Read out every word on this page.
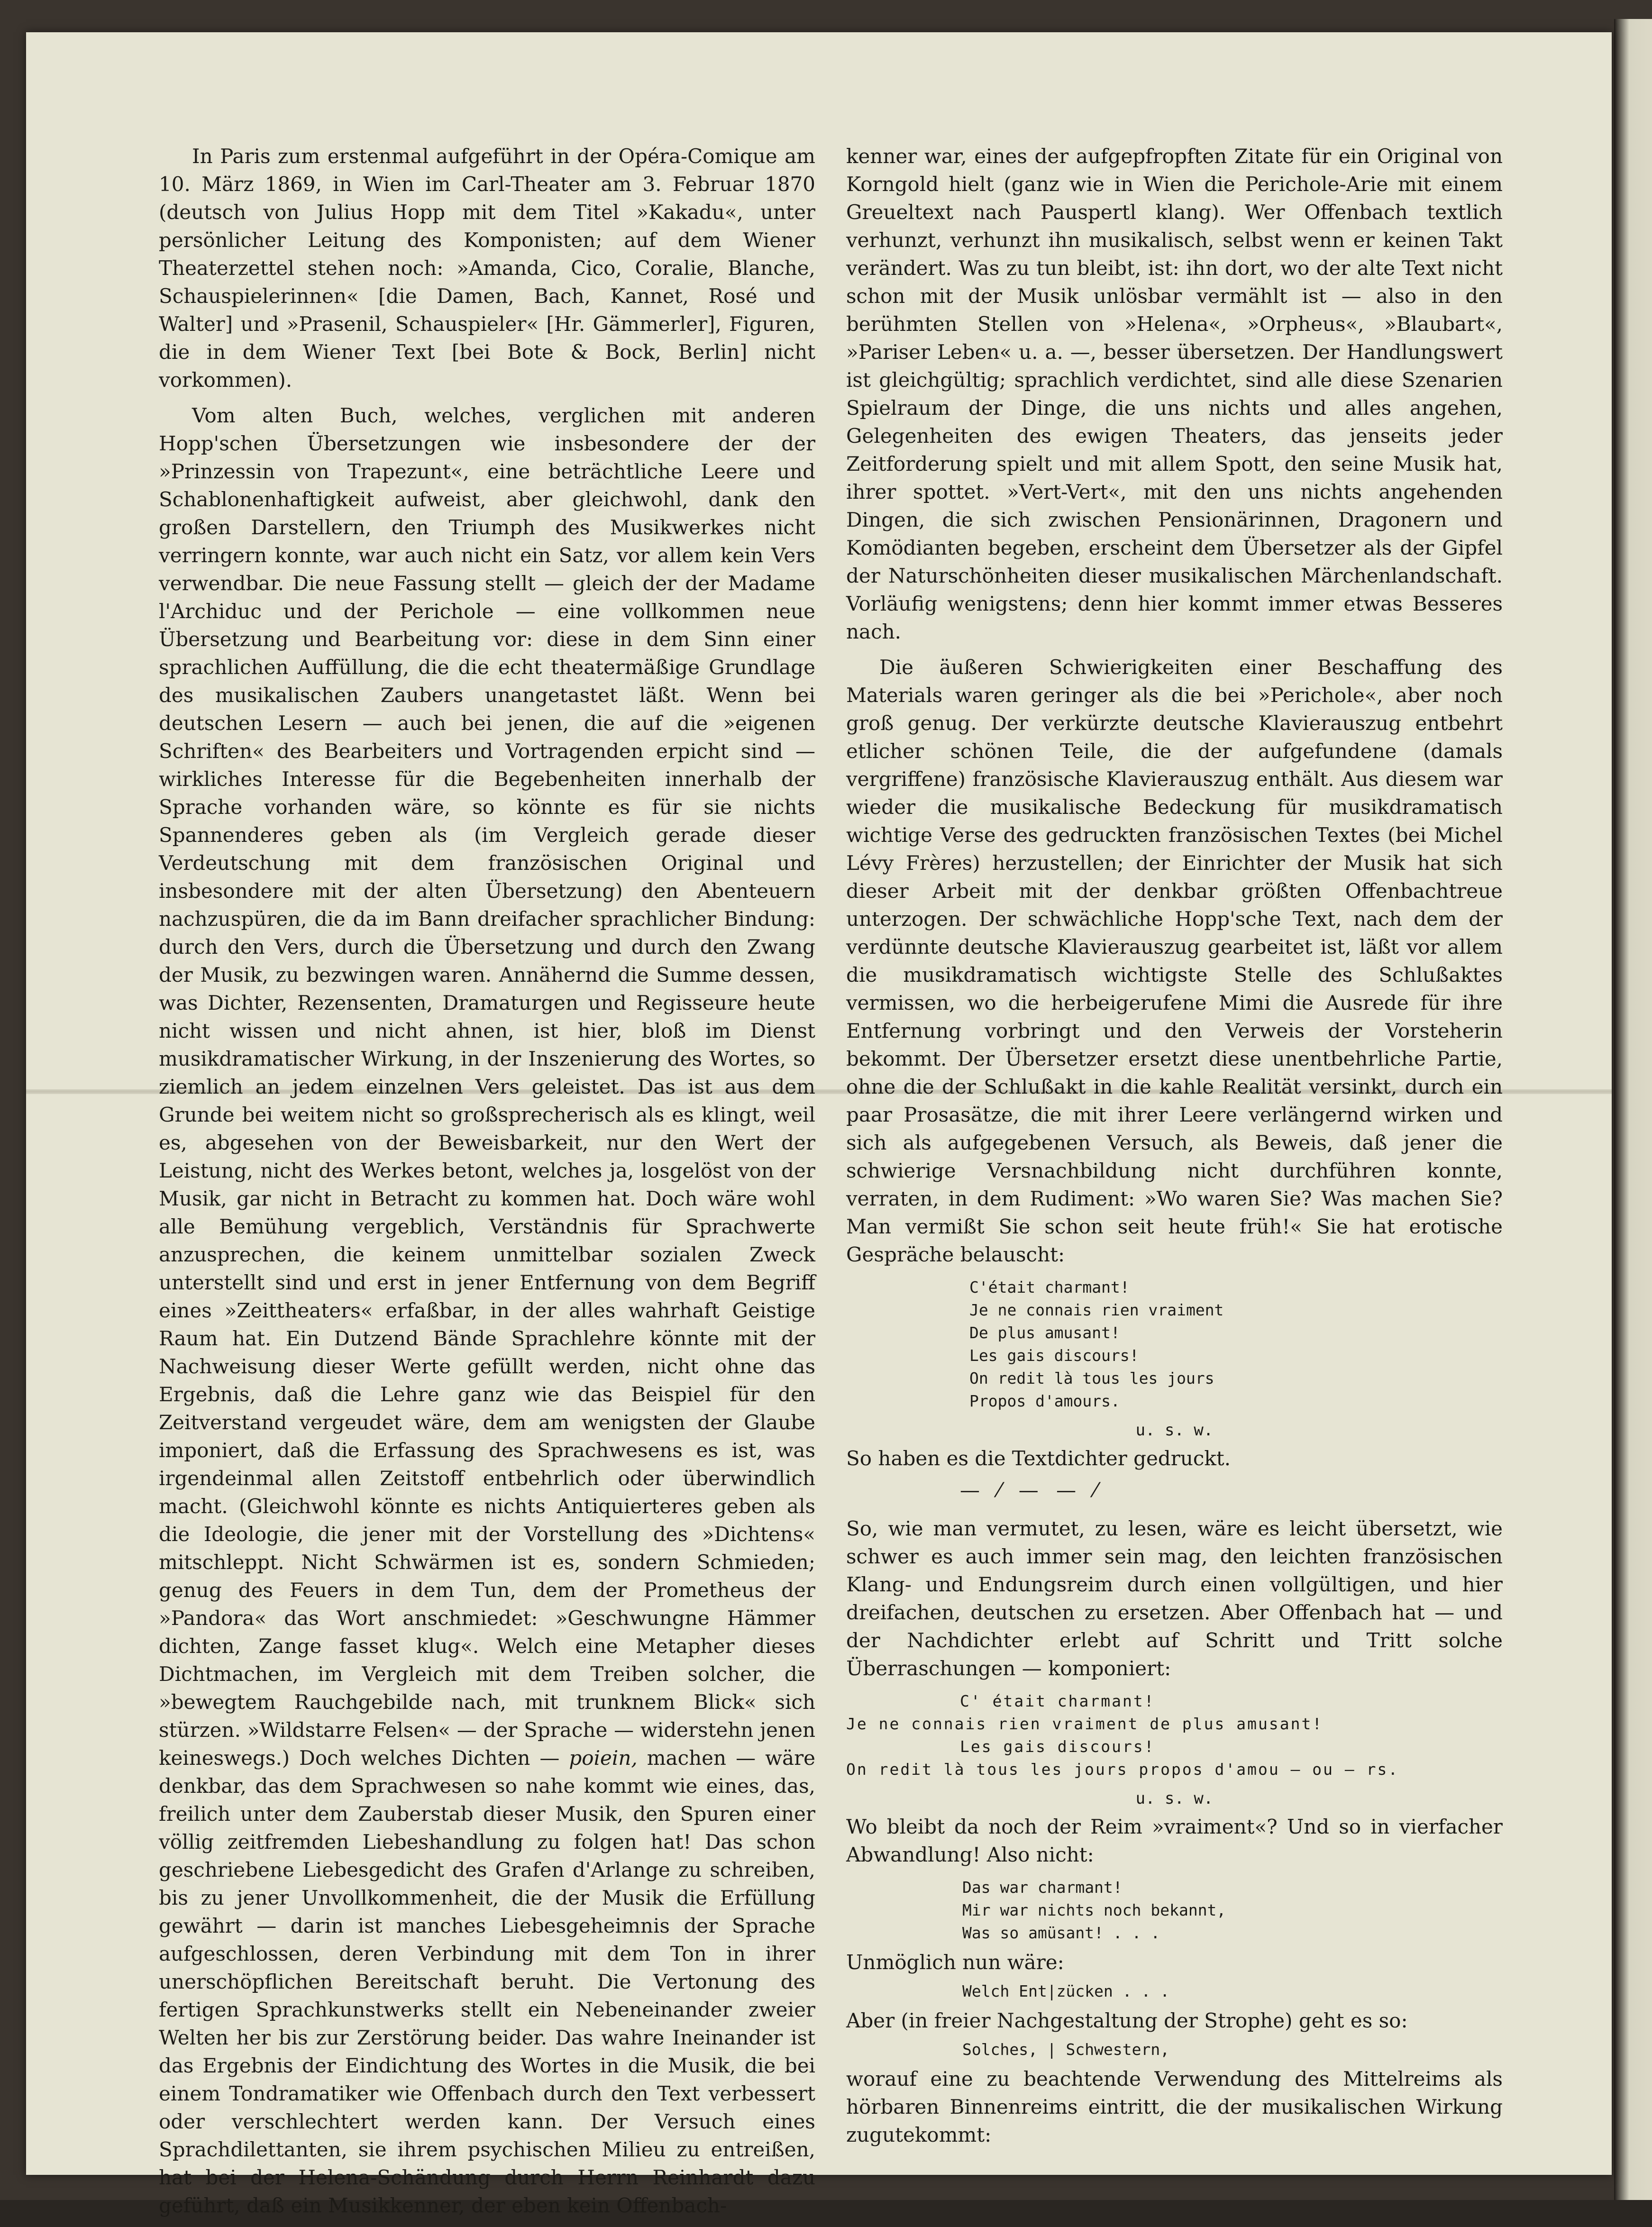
In Paris zum erstenmal aufgeführt in der Opéra-Comique am 10. März 1869, in Wien im Carl-Theater am 3. Februar 1870 (deutsch von Julius Hopp mit dem Titel »Kakadu«, unter persönlicher Leitung des Komponisten; auf dem Wiener Theaterzettel stehen noch: »Amanda, Cico, Coralie, Blanche, Schauspielerinnen« [die Damen, Bach, Kannet, Rosé und Walter] und »Prasenil, Schauspieler« [Hr. Gämmerler], Figuren, die in dem Wiener Text [bei Bote & Bock, Berlin] nicht vorkommen).

Vom alten Buch, welches, verglichen mit anderen Hopp'schen Übersetzungen wie insbesondere der der »Prinzessin von Trapezunt«, eine beträchtliche Leere und Schablonenhaftigkeit aufweist, aber gleichwohl, dank den großen Darstellern, den Triumph des Musikwerkes nicht verringern konnte, war auch nicht ein Satz, vor allem kein Vers verwendbar. Die neue Fassung stellt — gleich der der Madame l'Archiduc und der Perichole — eine vollkommen neue Übersetzung und Bearbeitung vor: diese in dem Sinn einer sprachlichen Auffüllung, die die echt theatermäßige Grundlage des musikalischen Zaubers unangetastet läßt. Wenn bei deutschen Lesern — auch bei jenen, die auf die »eigenen Schriften« des Bearbeiters und Vortragenden erpicht sind — wirkliches Interesse für die Begebenheiten innerhalb der Sprache vorhanden wäre, so könnte es für sie nichts Spannenderes geben als (im Vergleich gerade dieser Verdeutschung mit dem französischen Original und insbesondere mit der alten Übersetzung) den Abenteuern nachzuspüren, die da im Bann dreifacher sprachlicher Bindung: durch den Vers, durch die Übersetzung und durch den Zwang der Musik, zu bezwingen waren. Annähernd die Summe dessen, was Dichter, Rezensenten, Dramaturgen und Regisseure heute nicht wissen und nicht ahnen, ist hier, bloß im Dienst musikdramatischer Wirkung, in der Inszenierung des Wortes, so ziemlich an jedem einzelnen Vers geleistet. Das ist aus dem Grunde bei weitem nicht so großsprecherisch als es klingt, weil es, abgesehen von der Beweisbarkeit, nur den Wert der Leistung, nicht des Werkes betont, welches ja, losgelöst von der Musik, gar nicht in Betracht zu kommen hat. Doch wäre wohl alle Bemühung vergeblich, Verständnis für Sprachwerte anzusprechen, die keinem unmittelbar sozialen Zweck unterstellt sind und erst in jener Entfernung von dem Begriff eines »Zeittheaters« erfaßbar, in der alles wahrhaft Geistige Raum hat. Ein Dutzend Bände Sprachlehre könnte mit der Nachweisung dieser Werte gefüllt werden, nicht ohne das Ergebnis, daß die Lehre ganz wie das Beispiel für den Zeitverstand vergeudet wäre, dem am wenigsten der Glaube imponiert, daß die Erfassung des Sprachwesens es ist, was irgendeinmal allen Zeitstoff entbehrlich oder überwindlich macht. (Gleichwohl könnte es nichts Antiquierteres geben als die Ideologie, die jener mit der Vorstellung des »Dichtens« mitschleppt. Nicht Schwärmen ist es, sondern Schmieden; genug des Feuers in dem Tun, dem der Prometheus der »Pandora« das Wort anschmiedet: »Geschwungne Hämmer dichten, Zange fasset klug«. Welch eine Metapher dieses Dichtmachen, im Vergleich mit dem Treiben solcher, die »bewegtem Rauchgebilde nach, mit trunknem Blick« sich stürzen. »Wildstarre Felsen« — der Sprache — widerstehn jenen keineswegs.) Doch welches Dichten — poiein, machen — wäre denkbar, das dem Sprachwesen so nahe kommt wie eines, das, freilich unter dem Zauberstab dieser Musik, den Spuren einer völlig zeitfremden Liebeshandlung zu folgen hat! Das schon geschriebene Liebesgedicht des Grafen d'Arlange zu schreiben, bis zu jener Unvollkommenheit, die der Musik die Erfüllung gewährt — darin ist manches Liebesgeheimnis der Sprache aufgeschlossen, deren Verbindung mit dem Ton in ihrer unerschöpflichen Bereitschaft beruht. Die Vertonung des fertigen Sprachkunstwerks stellt ein Nebeneinander zweier Welten her bis zur Zerstörung beider. Das wahre Ineinander ist das Ergebnis der Eindichtung des Wortes in die Musik, die bei einem Tondramatiker wie Offenbach durch den Text verbessert oder verschlechtert werden kann. Der Versuch eines Sprachdilettanten, sie ihrem psychischen Milieu zu entreißen, hat bei der Helena-Schändung durch Herrn Reinhardt dazu geführt, daß ein Musikkenner, der eben kein Offenbach-

kenner war, eines der aufgepfropften Zitate für ein Original von Korngold hielt (ganz wie in Wien die Perichole-Arie mit einem Greueltext nach Pauspertl klang). Wer Offenbach textlich verhunzt, verhunzt ihn musikalisch, selbst wenn er keinen Takt verändert. Was zu tun bleibt, ist: ihn dort, wo der alte Text nicht schon mit der Musik unlösbar vermählt ist — also in den berühmten Stellen von »Helena«, »Orpheus«, »Blaubart«, »Pariser Leben« u. a. —, besser übersetzen. Der Handlungswert ist gleichgültig; sprachlich verdichtet, sind alle diese Szenarien Spielraum der Dinge, die uns nichts und alles angehen, Gelegenheiten des ewigen Theaters, das jenseits jeder Zeitforderung spielt und mit allem Spott, den seine Musik hat, ihrer spottet. »Vert-Vert«, mit den uns nichts angehenden Dingen, die sich zwischen Pensionärinnen, Dragonern und Komödianten begeben, erscheint dem Übersetzer als der Gipfel der Naturschönheiten dieser musikalischen Märchenlandschaft. Vorläufig wenigstens; denn hier kommt immer etwas Besseres nach.

Die äußeren Schwierigkeiten einer Beschaffung des Materials waren geringer als die bei »Perichole«, aber noch groß genug. Der verkürzte deutsche Klavierauszug entbehrt etlicher schönen Teile, die der aufgefundene (damals vergriffene) französische Klavierauszug enthält. Aus diesem war wieder die musikalische Bedeckung für musikdramatisch wichtige Verse des gedruckten französischen Textes (bei Michel Lévy Frères) herzustellen; der Einrichter der Musik hat sich dieser Arbeit mit der denkbar größten Offenbachtreue unterzogen. Der schwächliche Hopp'sche Text, nach dem der verdünnte deutsche Klavierauszug gearbeitet ist, läßt vor allem die musikdramatisch wichtigste Stelle des Schlußaktes vermissen, wo die herbeigerufene Mimi die Ausrede für ihre Entfernung vorbringt und den Verweis der Vorsteherin bekommt. Der Übersetzer ersetzt diese unentbehrliche Partie, ohne die der Schlußakt in die kahle Realität versinkt, durch ein paar Prosasätze, die mit ihrer Leere verlängernd wirken und sich als aufgegebenen Versuch, als Beweis, daß jener die schwierige Versnachbildung nicht durchführen konnte, verraten, in dem Rudiment: »Wo waren Sie? Was machen Sie? Man vermißt Sie schon seit heute früh!« Sie hat erotische Gespräche belauscht:

C'était charmant!
Je ne connais rien vraiment
De plus amusant!
Les gais discours!
On redit là tous les jours
Propos d'amours.
u. s. w.
So haben es die Textdichter gedruckt.
— ⁄ — — ⁄

So, wie man vermutet, zu lesen, wäre es leicht übersetzt, wie schwer es auch immer sein mag, den leichten französischen Klang- und Endungsreim durch einen vollgültigen, und hier dreifachen, deutschen zu ersetzen. Aber Offenbach hat — und der Nachdichter erlebt auf Schritt und Tritt solche Überraschungen — komponiert:

C' était charmant!
Je ne connais rien vraiment de plus amusant!
Les gais discours!
On redit là tous les jours propos d'amou — ou — rs.
u. s. w.

Wo bleibt da noch der Reim »vraiment«? Und so in vierfacher Abwandlung! Also nicht:

Das war charmant!
Mir war nichts noch bekannt,
Was so amüsant! . . .
Unmöglich nun wäre:
Welch Ent|zücken . . .
Aber (in freier Nachgestaltung der Strophe) geht es so:
Solches, | Schwestern,

worauf eine zu beachtende Verwendung des Mittelreims als hörbaren Binnenreims eintritt, die der musikalischen Wirkung zugutekommt:
